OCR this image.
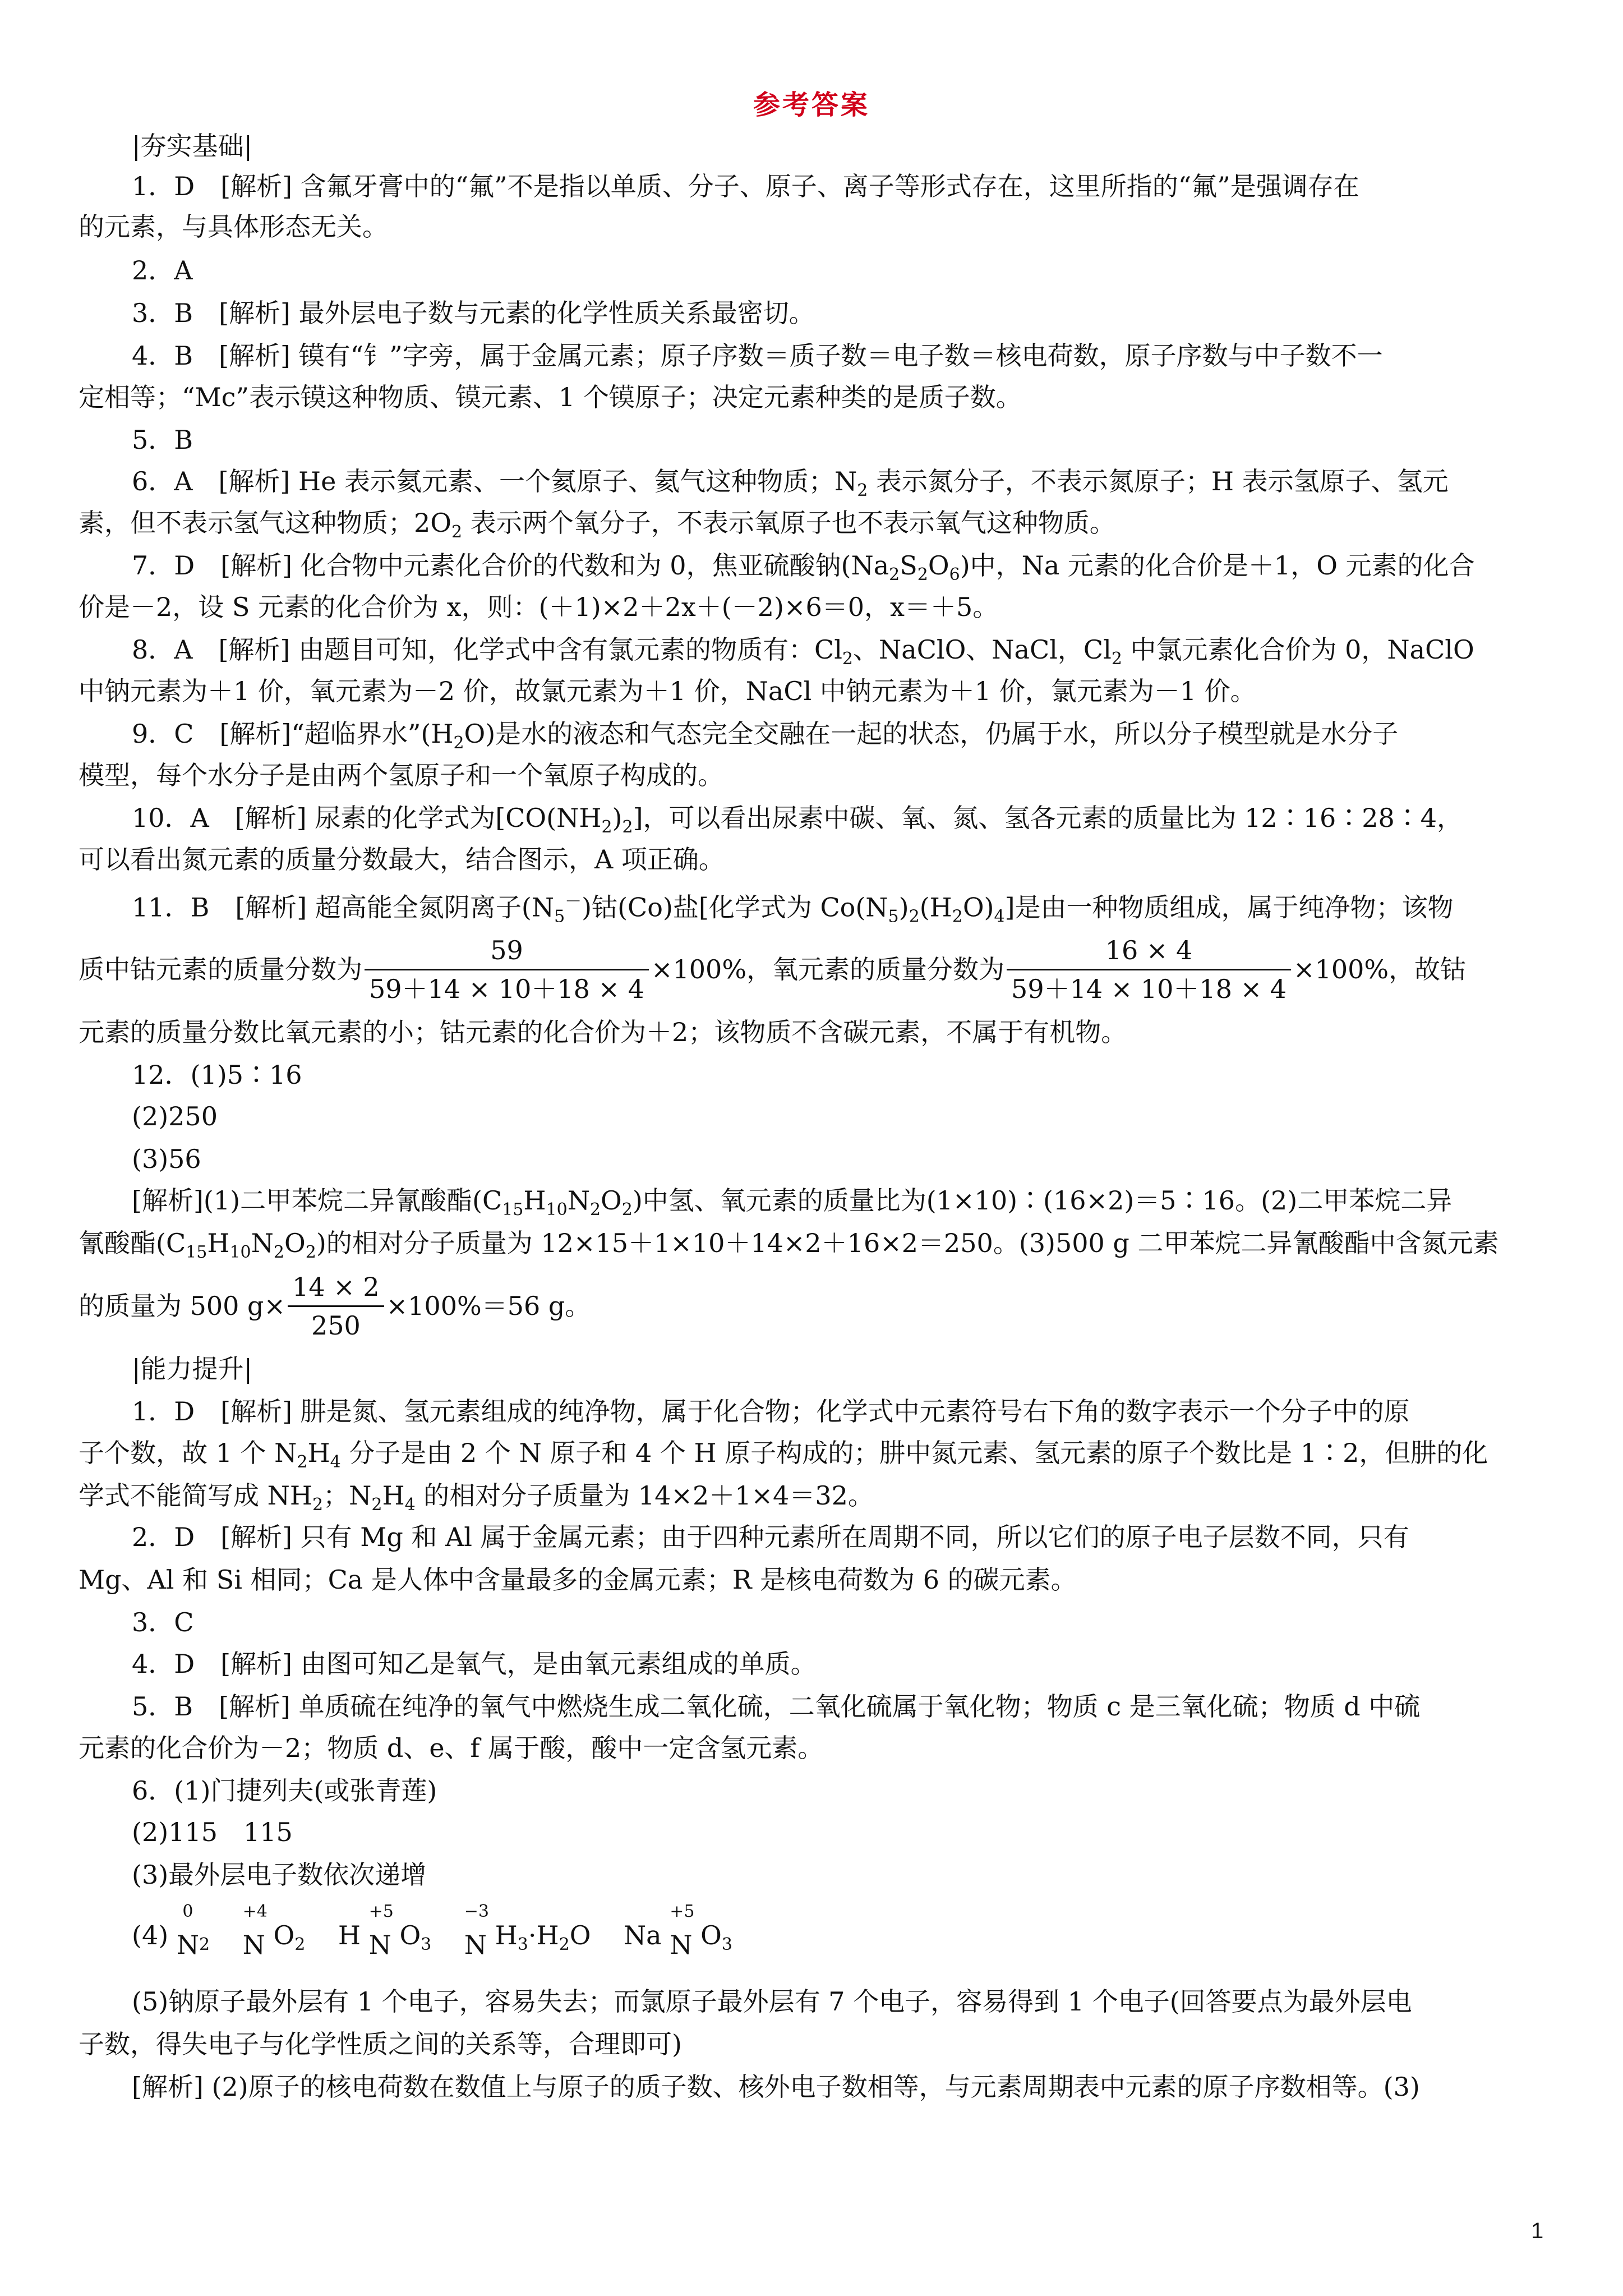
参考答案
|夯实基础|
1．D　[解析] 含氟牙膏中的“氟”不是指以单质、分子、原子、离子等形式存在，这里所指的“氟”是强调存在
的元素，与具体形态无关。
2．A
3．B　[解析] 最外层电子数与元素的化学性质关系最密切。
4．B　[解析] 镆有“钅”字旁，属于金属元素；原子序数＝质子数＝电子数＝核电荷数，原子序数与中子数不一
定相等；“Mc”表示镆这种物质、镆元素、1 个镆原子；决定元素种类的是质子数。
5．B
6．A　[解析] He 表示氦元素、一个氦原子、氦气这种物质；$N_2$ 表示氮分子，不表示氮原子；H 表示氢原子、氢元
素，但不表示氢气这种物质；$2O_2$ 表示两个氧分子，不表示氧原子也不表示氧气这种物质。
7．D　[解析] 化合物中元素化合价的代数和为 0，焦亚硫酸钠$(Na_2S_2O_6)$中，Na 元素的化合价是＋1，O 元素的化合
价是－2，设 S 元素的化合价为 x，则：(＋1)×2＋2x＋(－2)×6＝0，x＝＋5。
8．A　[解析] 由题目可知，化学式中含有氯元素的物质有：$Cl_2$、NaClO、NaCl，$Cl_2$ 中氯元素化合价为 0，NaClO
中钠元素为＋1 价，氧元素为－2 价，故氯元素为＋1 价，NaCl 中钠元素为＋1 价，氯元素为－1 价。
9．C　[解析]“超临界水$”(H_2O)$是水的液态和气态完全交融在一起的状态，仍属于水，所以分子模型就是水分子
模型，每个水分子是由两个氢原子和一个氧原子构成的。
10．A　[解析] 尿素的化学式为$[CO(NH_2)_2]$，可以看出尿素中碳、氧、氮、氢各元素的质量比为 12∶16∶28∶4，
可以看出氮元素的质量分数最大，结合图示，A 项正确。
11．B　[解析] 超高能全氮阴离子$(N_5^-)$钴(Co)盐[化学式为 $Co(N_5)_2(H_2O)_4$]是由一种物质组成，属于纯净物；该物
质中钴元素的质量分数为 $\frac{59}{59+14 \times 10+18 \times 4} \times 100\%$，氧元素的质量分数为 $\frac{16 \times 4}{59+14 \times 10+18 \times 4} \times 100\%$，故钴
元素的质量分数比氧元素的小；钴元素的化合价为＋2；该物质不含碳元素，不属于有机物。
12．(1)5∶16
(2)250
(3)56
[解析](1)二甲苯烷二异氰酸酯$(C_{15}H_{10}N_2O_2)$中氢、氧元素的质量比为(1×10)∶(16×2)＝5∶16。(2)二甲苯烷二异
氰酸酯$(C_{15}H_{10}N_2O_2)$的相对分子质量为 12×15＋1×10＋14×2＋16×2＝250。(3)500 g 二甲苯烷二异氰酸酯中含氮元素
的质量为 500 $g\times \frac{14 \times 2}{250} \times 100\%=56$ g。
|能力提升|
1．D　[解析] 肼是氮、氢元素组成的纯净物，属于化合物；化学式中元素符号右下角的数字表示一个分子中的原
子个数，故 1 个 $N_2H_4$ 分子是由 2 个 N 原子和 4 个 H 原子构成的；肼中氮元素、氢元素的原子个数比是 1∶2，但肼的化
学式不能简写成 $NH_2$；$N_2H_4$ 的相对分子质量为 14×2＋1×4＝32。
2．D　[解析] 只有 Mg 和 Al 属于金属元素；由于四种元素所在周期不同，所以它们的原子电子层数不同，只有
Mg、Al 和 Si 相同；Ca 是人体中含量最多的金属元素；R 是核电荷数为 6 的碳元素。
3．C
4．D　[解析] 由图可知乙是氧气，是由氧元素组成的单质。
5．B　[解析] 单质硫在纯净的氧气中燃烧生成二氧化硫，二氧化硫属于氧化物；物质 c 是三氧化硫；物质 d 中硫
元素的化合价为－2；物质 d、e、f 属于酸，酸中一定含氢元素。
6．(1)门捷列夫(或张青莲)
(2)115　115
(3)最外层电子数依次递增
(4)
0
$N_2$
+4
N $O_2$ H
+5
N $O_3$
−3
N $H_3\cdot H_2O$ Na
+5
N $O_3$
(5)钠原子最外层有 1 个电子，容易失去；而氯原子最外层有 7 个电子，容易得到 1 个电子(回答要点为最外层电
子数，得失电子与化学性质之间的关系等，合理即可)
[解析] (2)原子的核电荷数在数值上与原子的质子数、核外电子数相等，与元素周期表中元素的原子序数相等。(3)
1
